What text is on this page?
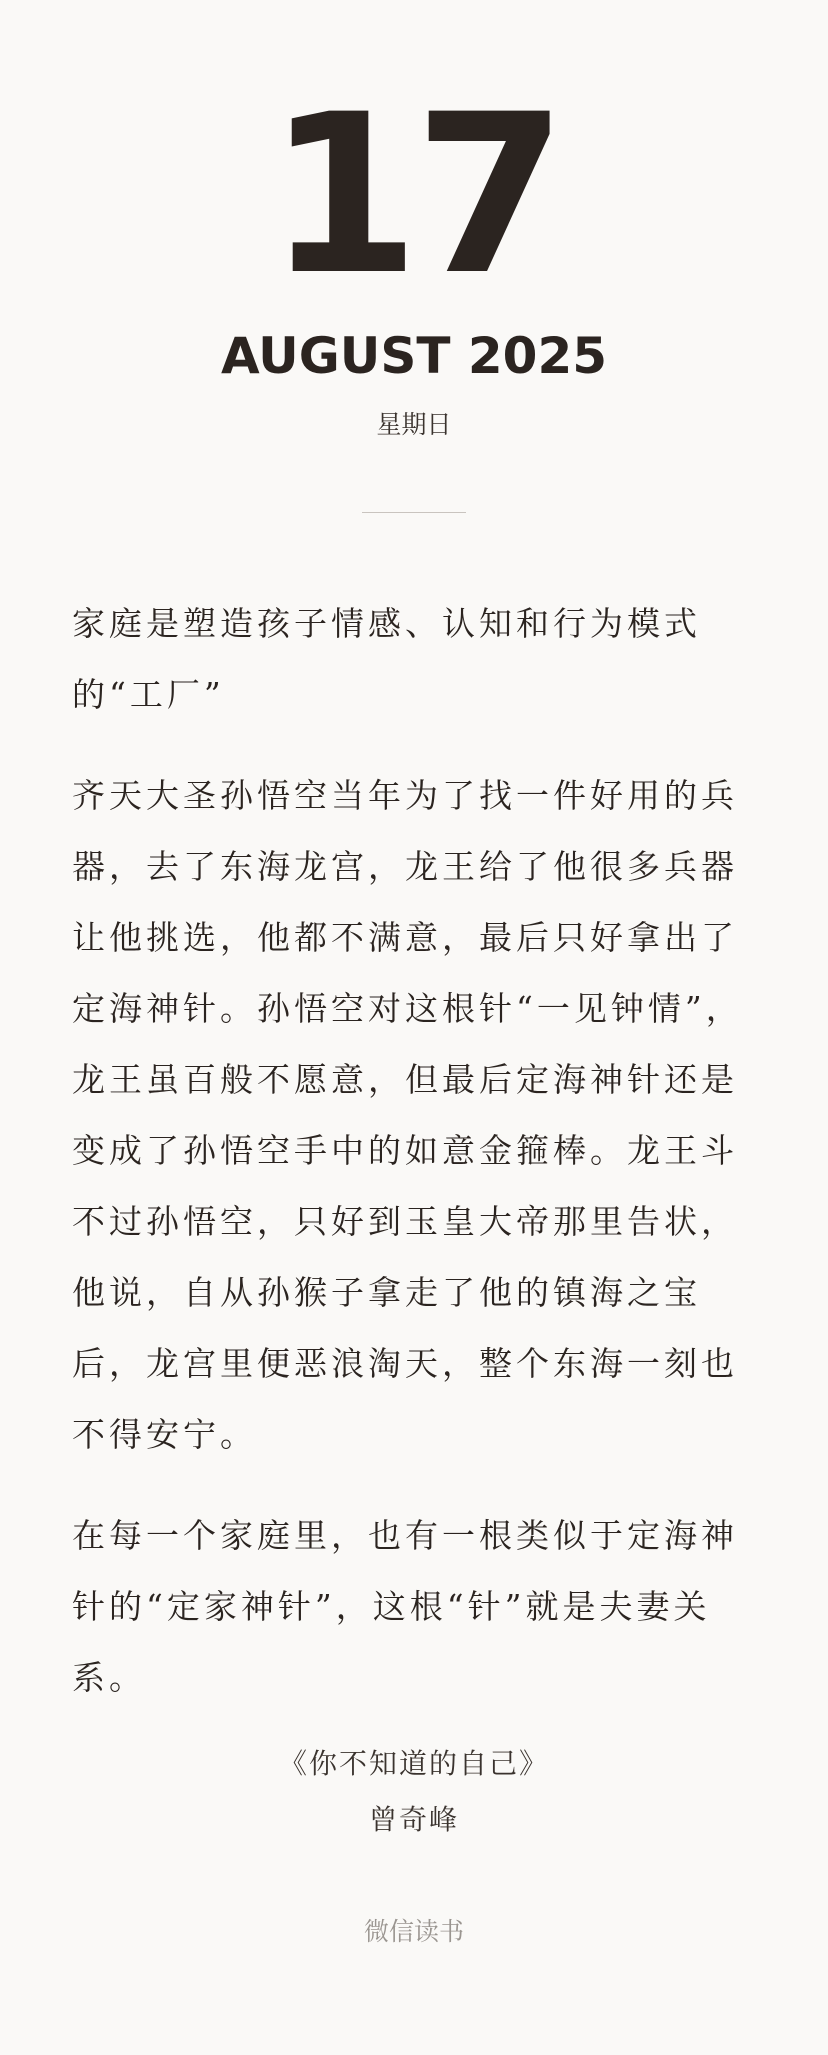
17
AUGUST 2025
星期日

家庭是塑造孩子情感、认知和行为模式的“工厂”

齐天大圣孙悟空当年为了找一件好用的兵器，去了东海龙宫，龙王给了他很多兵器让他挑选，他都不满意，最后只好拿出了定海神针。孙悟空对这根针“一见钟情”，龙王虽百般不愿意，但最后定海神针还是变成了孙悟空手中的如意金箍棒。龙王斗不过孙悟空，只好到玉皇大帝那里告状，他说，自从孙猴子拿走了他的镇海之宝后，龙宫里便恶浪淘天，整个东海一刻也不得安宁。

在每一个家庭里，也有一根类似于定海神针的“定家神针”，这根“针”就是夫妻关系。

《你不知道的自己》
曾奇峰
微信读书
